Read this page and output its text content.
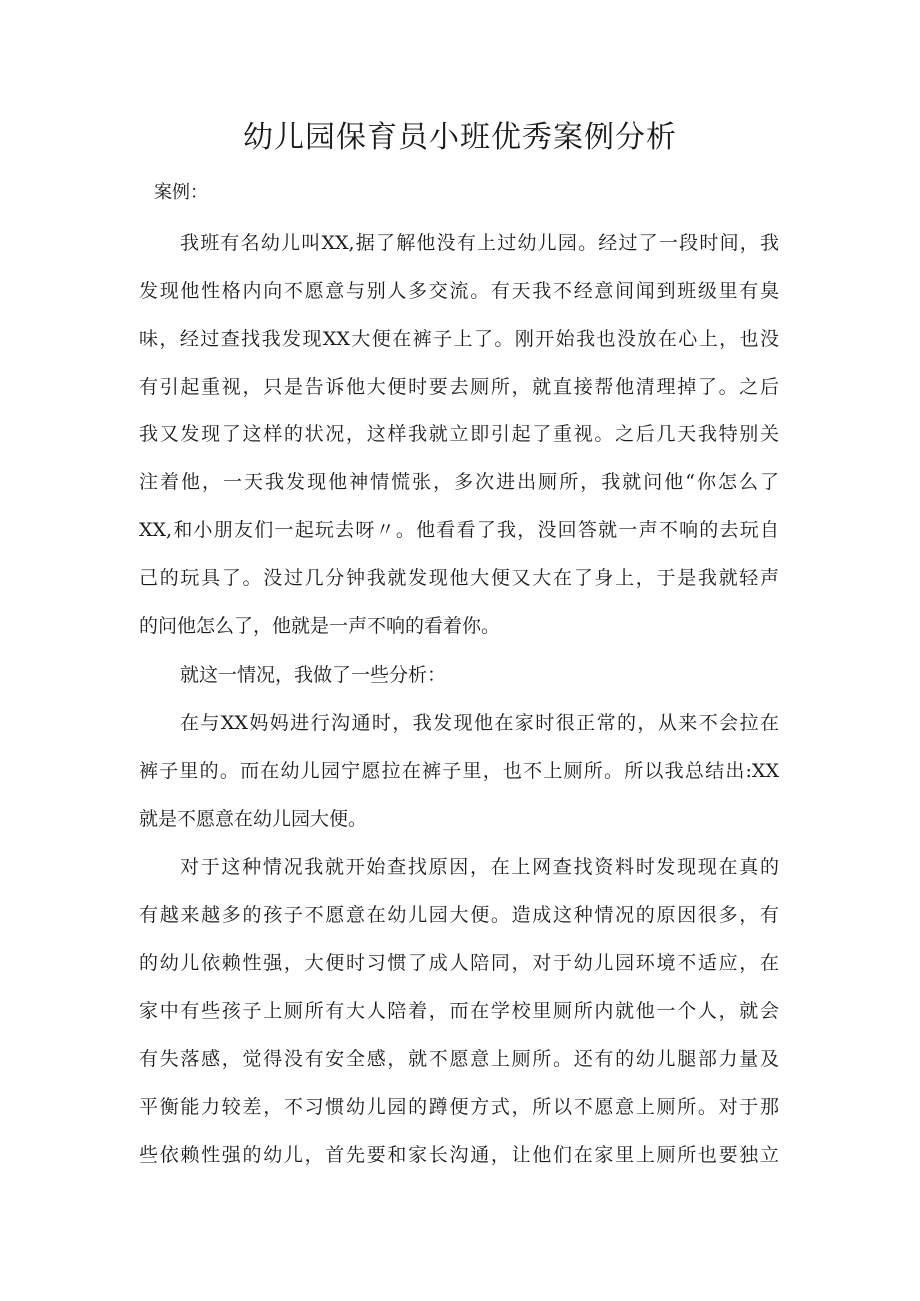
幼儿园保育员小班优秀案例分析

案例：

我班有名幼儿叫XX,据了解他没有上过幼儿园。经过了一段时间，我

发现他性格内向不愿意与别人多交流。有天我不经意间闻到班级里有臭

味，经过查找我发现XX大便在裤子上了。刚开始我也没放在心上，也没

有引起重视，只是告诉他大便时要去厕所，就直接帮他清理掉了。之后

我又发现了这样的状况，这样我就立即引起了重视。之后几天我特别关

注着他，一天我发现他神情慌张，多次进出厕所，我就问他“你怎么了

XX,和小朋友们一起玩去呀〃。他看看了我，没回答就一声不响的去玩自

己的玩具了。没过几分钟我就发现他大便又大在了身上，于是我就轻声

的问他怎么了，他就是一声不响的看着你。

就这一情况，我做了一些分析：

在与XX妈妈进行沟通时，我发现他在家时很正常的，从来不会拉在

裤子里的。而在幼儿园宁愿拉在裤子里，也不上厕所。所以我总结出:XX

就是不愿意在幼儿园大便。

对于这种情况我就开始查找原因，在上网查找资料时发现现在真的

有越来越多的孩子不愿意在幼儿园大便。造成这种情况的原因很多，有

的幼儿依赖性强，大便时习惯了成人陪同，对于幼儿园环境不适应，在

家中有些孩子上厕所有大人陪着，而在学校里厕所内就他一个人，就会

有失落感，觉得没有安全感，就不愿意上厕所。还有的幼儿腿部力量及

平衡能力较差，不习惯幼儿园的蹲便方式，所以不愿意上厕所。对于那

些依赖性强的幼儿，首先要和家长沟通，让他们在家里上厕所也要独立
